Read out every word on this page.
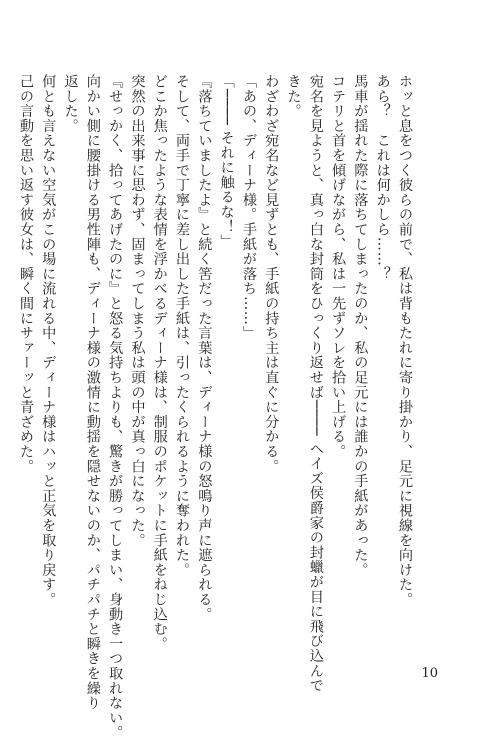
ホッと息をつく彼らの前で、私は背もたれに寄り掛かり、足元に視線を向けた。

あら？　これは何かしら……？

馬車が揺れた際に落ちてしまったのか、私の足元には誰かの手紙があった。

コテリと首を傾げながら、私は一先ずソレを拾い上げる。

宛名を見ようと、真っ白な封筒をひっくり返せば──── ヘイズ侯爵家の封蠟が目に飛び込んで

きた。

わざわざ宛名など見ずとも、手紙の持ち主は直ぐに分かる。

「あの、ディーナ様。手紙が落ち……」

「──── それに触るな！」

『落ちていましたよ』と続く筈だった言葉は、ディーナ様の怒鳴り声に遮られる。

そして、両手で丁寧に差し出した手紙は、引ったくられるように奪われた。

どこか焦ったような表情を浮かべるディーナ様は、制服のポケットに手紙をねじ込む。

突然の出来事に思わず、固まってしまう私は頭の中が真っ白になった。

『せっかく、拾ってあげたのに』と怒る気持ちよりも、驚きが勝ってしまい、身動き一つ取れない。

向かい側に腰掛ける男性陣も、ディーナ様の激情に動揺を隠せないのか、パチパチと瞬きを繰り

返した。

何とも言えない空気がこの場に流れる中、ディーナ様はハッと正気を取り戻す。

己の言動を思い返す彼女は、瞬く間にサァーッと青ざめた。

10
